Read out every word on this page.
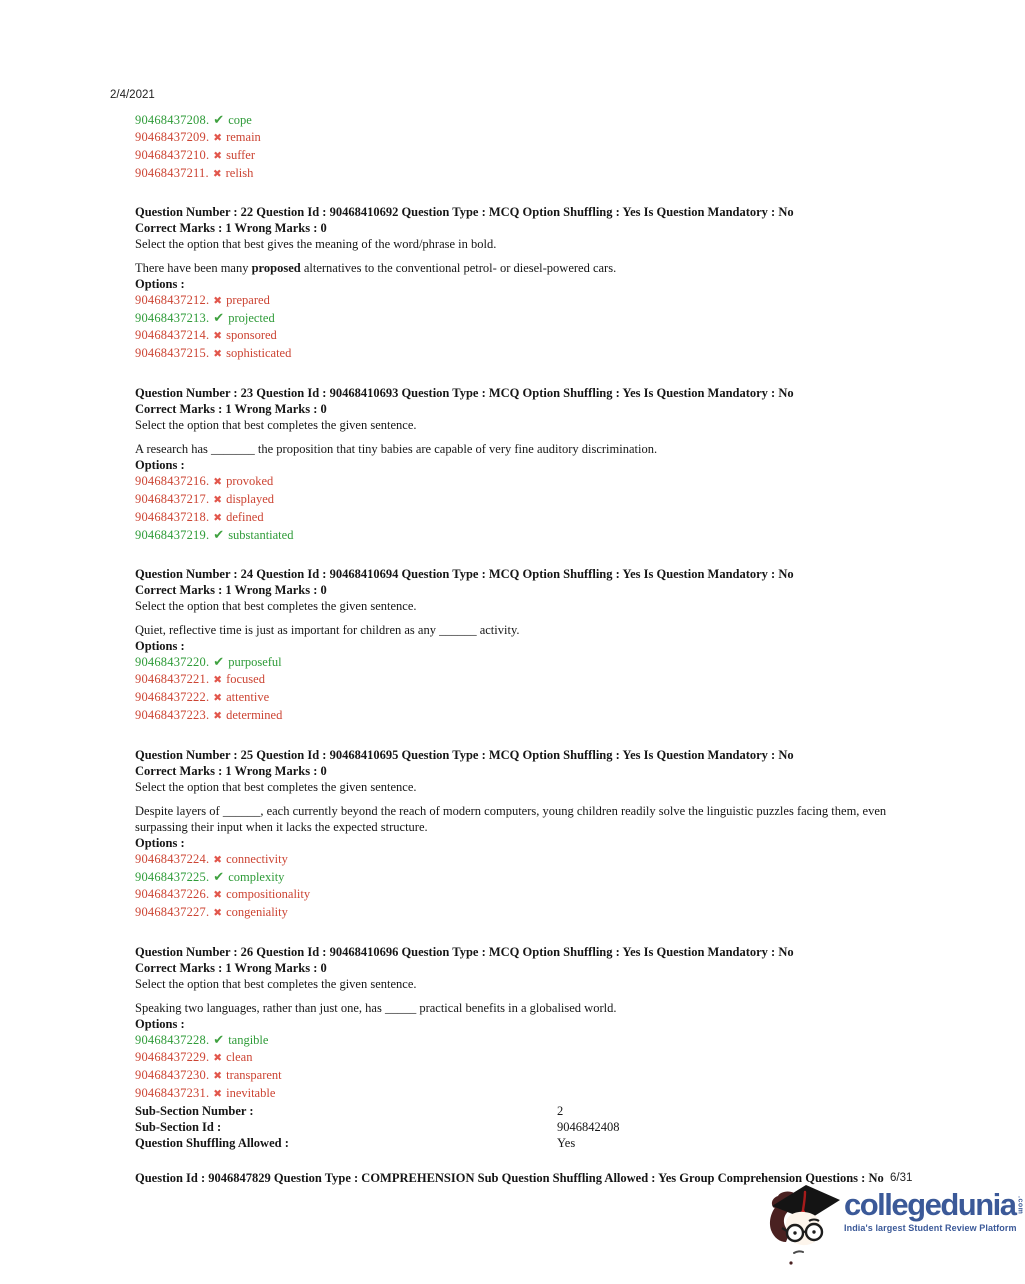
2/4/2021
90468437208. ✔ cope
90468437209. ✖ remain
90468437210. ✖ suffer
90468437211. ✖ relish

Question Number : 22 Question Id : 90468410692 Question Type : MCQ Option Shuffling : Yes Is Question Mandatory : No
Correct Marks : 1 Wrong Marks : 0

Select the option that best gives the meaning of the word/phrase in bold.

There have been many proposed alternatives to the conventional petrol- or diesel-powered cars.

Options :

90468437212. ✖ prepared
90468437213. ✔ projected
90468437214. ✖ sponsored
90468437215. ✖ sophisticated

Question Number : 23 Question Id : 90468410693 Question Type : MCQ Option Shuffling : Yes Is Question Mandatory : No
Correct Marks : 1 Wrong Marks : 0

Select the option that best completes the given sentence.

A research has _______ the proposition that tiny babies are capable of very fine auditory discrimination.

Options :

90468437216. ✖ provoked
90468437217. ✖ displayed
90468437218. ✖ defined
90468437219. ✔ substantiated

Question Number : 24 Question Id : 90468410694 Question Type : MCQ Option Shuffling : Yes Is Question Mandatory : No
Correct Marks : 1 Wrong Marks : 0

Select the option that best completes the given sentence.

Quiet, reflective time is just as important for children as any ______ activity.

Options :

90468437220. ✔ purposeful
90468437221. ✖ focused
90468437222. ✖ attentive
90468437223. ✖ determined

Question Number : 25 Question Id : 90468410695 Question Type : MCQ Option Shuffling : Yes Is Question Mandatory : No
Correct Marks : 1 Wrong Marks : 0

Select the option that best completes the given sentence.

Despite layers of ______, each currently beyond the reach of modern computers, young children readily solve the linguistic puzzles facing them, even surpassing their input when it lacks the expected structure.

Options :

90468437224. ✖ connectivity
90468437225. ✔ complexity
90468437226. ✖ compositionality
90468437227. ✖ congeniality

Question Number : 26 Question Id : 90468410696 Question Type : MCQ Option Shuffling : Yes Is Question Mandatory : No
Correct Marks : 1 Wrong Marks : 0

Select the option that best completes the given sentence.

Speaking two languages, rather than just one, has _____ practical benefits in a globalised world.

Options :

90468437228. ✔ tangible
90468437229. ✖ clean
90468437230. ✖ transparent
90468437231. ✖ inevitable
Sub-Section Number :	2
Sub-Section Id :	9046842408
Question Shuffling Allowed :	Yes

Question Id : 9046847829 Question Type : COMPREHENSION Sub Question Shuffling Allowed : Yes Group Comprehension Questions : No 6/31
collegedunia .com
India's largest Student Review Platform
